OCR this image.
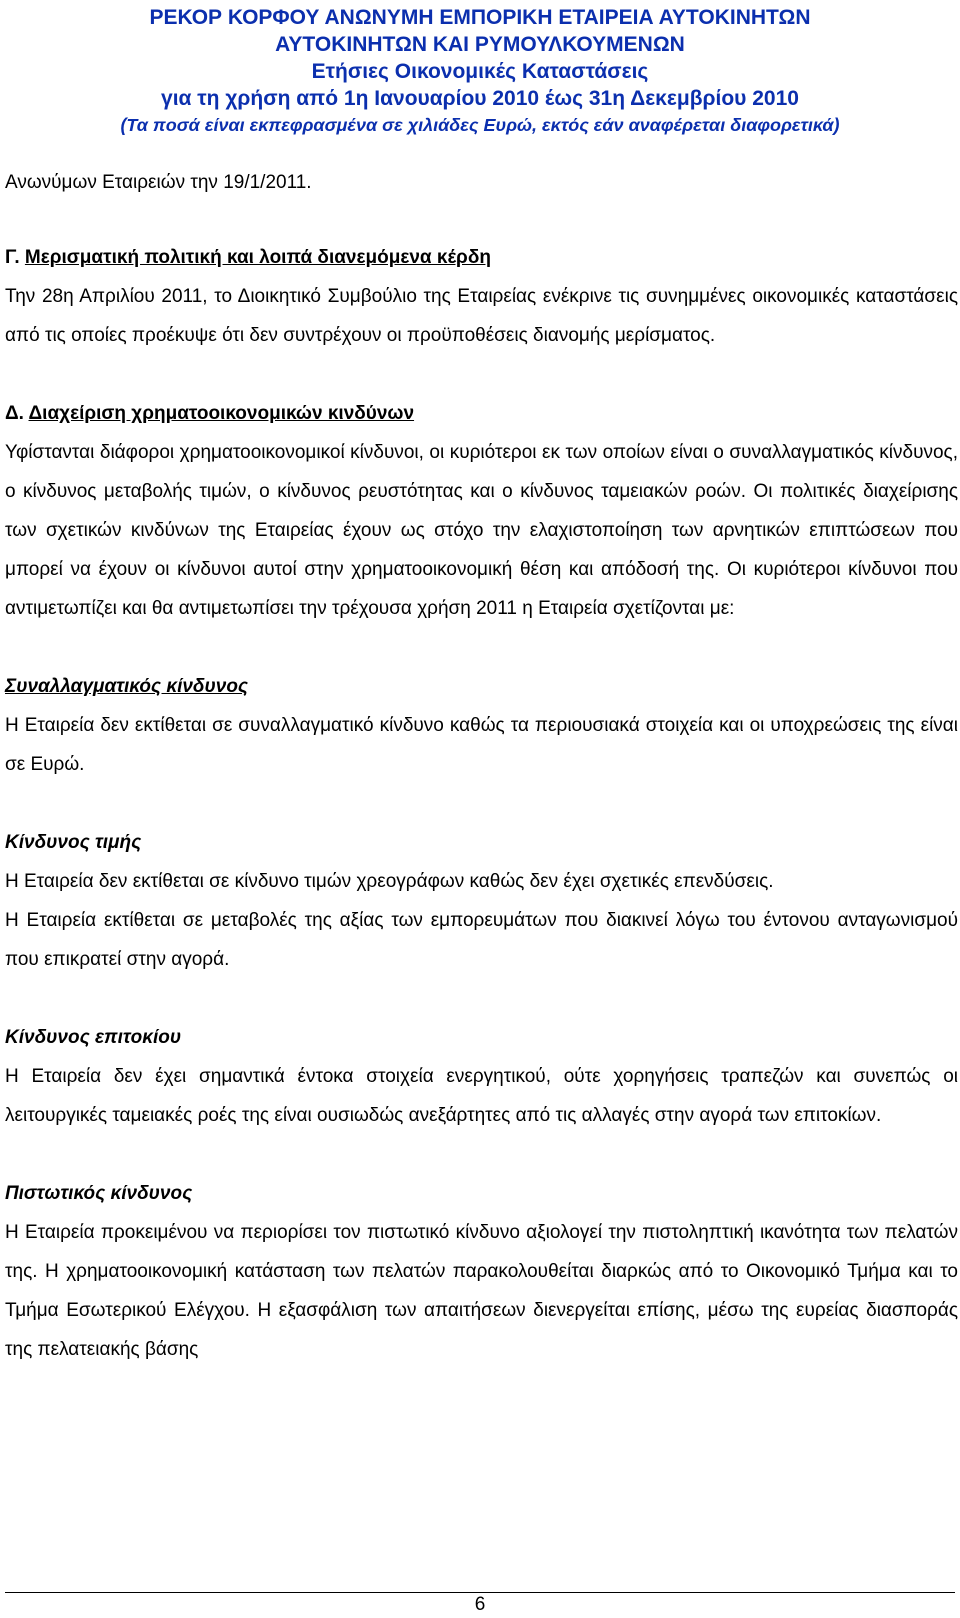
ΡΕΚΟΡ ΚΟΡΦΟΥ ΑΝΩΝΥΜΗ ΕΜΠΟΡΙΚΗ ΕΤΑΙΡΕΙΑ ΑΥΤΟΚΙΝΗΤΩΝ
ΑΥΤΟΚΙΝΗΤΩΝ ΚΑΙ ΡΥΜΟΥΛΚΟΥΜΕΝΩΝ
Ετήσιες Οικονομικές Καταστάσεις
για τη χρήση από 1η Ιανουαρίου 2010 έως 31η Δεκεμβρίου 2010
(Τα ποσά είναι εκπεφρασμένα σε χιλιάδες Ευρώ, εκτός εάν αναφέρεται διαφορετικά)

Ανωνύμων Εταιρειών την 19/1/2011.

Γ. Μερισματική πολιτική και λοιπά διανεμόμενα κέρδη

Την 28η Απριλίου 2011, το Διοικητικό Συμβούλιο της Εταιρείας ενέκρινε τις συνημμένες οικονομικές καταστάσεις από τις οποίες προέκυψε ότι δεν συντρέχουν οι προϋποθέσεις διανομής μερίσματος.

Δ. Διαχείριση χρηματοοικονομικών κινδύνων

Υφίστανται διάφοροι χρηματοοικονομικοί κίνδυνοι, οι κυριότεροι εκ των οποίων είναι ο συναλλαγματικός κίνδυνος, ο κίνδυνος μεταβολής τιμών, ο κίνδυνος ρευστότητας και ο κίνδυνος ταμειακών ροών. Οι πολιτικές διαχείρισης των σχετικών κινδύνων της Εταιρείας έχουν ως στόχο την ελαχιστοποίηση των αρνητικών επιπτώσεων που μπορεί να έχουν οι κίνδυνοι αυτοί στην χρηματοοικονομική θέση και απόδοσή της. Οι κυριότεροι κίνδυνοι που αντιμετωπίζει και θα αντιμετωπίσει την τρέχουσα χρήση 2011 η Εταιρεία σχετίζονται με:

Συναλλαγματικός κίνδυνος

Η Εταιρεία δεν εκτίθεται σε συναλλαγματικό κίνδυνο καθώς τα περιουσιακά στοιχεία και οι υποχρεώσεις της είναι σε Ευρώ.

Κίνδυνος τιμής

Η Εταιρεία δεν εκτίθεται σε κίνδυνο τιμών χρεογράφων καθώς δεν έχει σχετικές επενδύσεις.

Η Εταιρεία εκτίθεται σε μεταβολές της αξίας των εμπορευμάτων που διακινεί λόγω του έντονου ανταγωνισμού που επικρατεί στην αγορά.

Κίνδυνος επιτοκίου

Η Εταιρεία δεν έχει σημαντικά έντοκα στοιχεία ενεργητικού, ούτε χορηγήσεις τραπεζών και συνεπώς οι λειτουργικές ταμειακές ροές της είναι ουσιωδώς ανεξάρτητες από τις αλλαγές στην αγορά των επιτοκίων.

Πιστωτικός κίνδυνος

Η Εταιρεία προκειμένου να περιορίσει τον πιστωτικό κίνδυνο αξιολογεί την πιστοληπτική ικανότητα των πελατών της. Η χρηματοοικονομική κατάσταση των πελατών παρακολουθείται διαρκώς από το Οικονομικό Τμήμα και το Τμήμα Εσωτερικού Ελέγχου. Η εξασφάλιση των απαιτήσεων διενεργείται επίσης, μέσω της ευρείας διασποράς της πελατειακής βάσης

6
